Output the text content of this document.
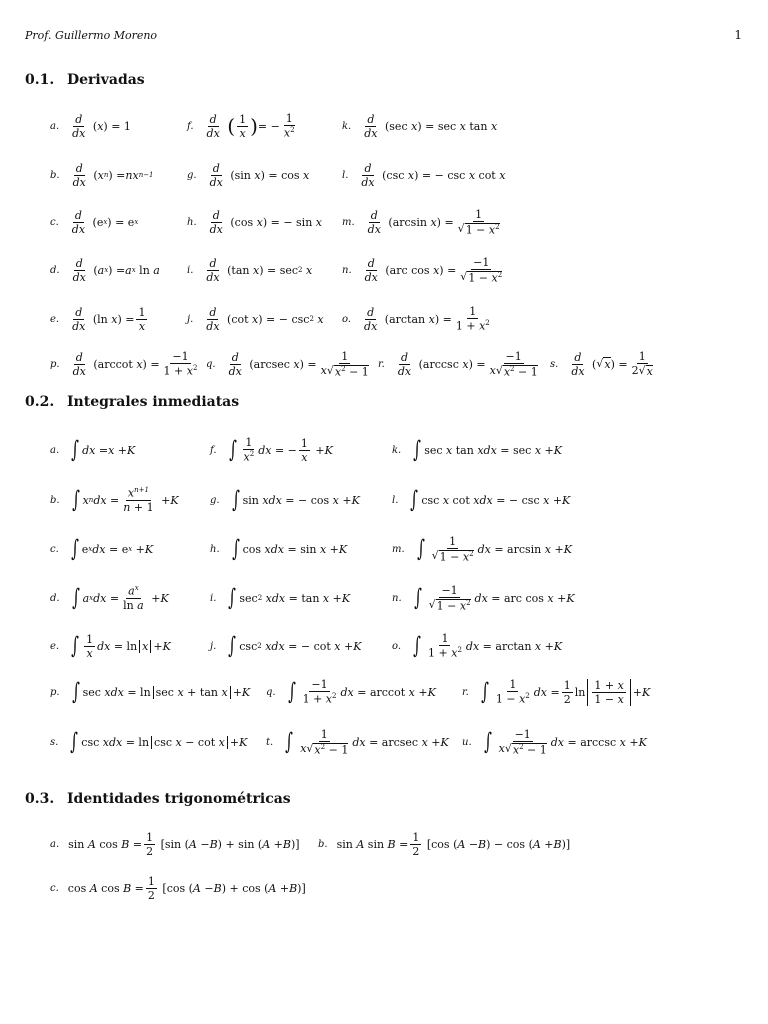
Prof. Guillermo Moreno	1
0.1. Derivadas
a. $\frac{d}{dx}$ ( x ) = 1
b. $\frac{d}{dx}$ ( x n ) = nx n−1
c. $\frac{d}{dx} (e$ x ) = e x
d. $\frac{d}{dx}$ ( a x ) = a x ln a
e. $\frac{d}{dx} (\ln$ x ) = $\frac{1}{x}$
f. $\frac{d}{dx}$
( $\frac{1}{x}$ ) = − $\frac{1}{x^2}$
g. $\frac{d}{dx} (\sin$ x ) = cos x
h. $\frac{d}{dx} (\cos$ x ) = − sin x
i. $\frac{d}{dx} (\tan$ x ) = sec 2
x
j. $\frac{d}{dx} (\cot$ x ) = − csc 2
x
k. $\frac{d}{dx} (\sec$ x ) = sec x tan x
l. $\frac{d}{dx} (\csc$ x ) = − csc x cot x
m. $\frac{d}{dx} (\arcsin$ x ) = $\frac{1}{√ 1 - x^2}$
n. $\frac{d}{dx} (arc$ cos x ) = $\frac{-1}{√ 1 - x^2}$
o. $\frac{d}{dx} (\arctan$ x ) = $\frac{1}{1 + x^2}$
p. $\frac{d}{dx} (arccot$ x ) = $\frac{-1}{1 + x^2} q$. $\frac{d}{dx} (arcsec$ x ) = $\frac{1}{x √ x^2 - 1} r$. $\frac{d}{dx} (arccsc$ x ) = $\frac{-1}{x √ x^2 - 1} s$. $\frac{d}{dx}$ ( √ x ) = $\frac{1}{2 √ x}$
0.2. Integrales inmediatas
a. ∫ dx = x + K
b. ∫ x n dx = $\frac{x^{n+1}}{n + 1} + K$
c. ∫ e x dx = e x + K
d. ∫ a x dx = $\frac{a^x}{\text{ln a}} + K$
e. ∫ $\frac{1}{x}$ dx = ln x + K
f. ∫ $\frac{1}{x^2}$ dx = − $\frac{1}{x} + K$
g. ∫ sin xdx = − cos x + K
h. ∫ cos xdx = sin x + K
i. ∫ sec 2
xdx = tan x + K
j. ∫ csc 2
xdx = − cot x + K
k. ∫ sec x tan xdx = sec x + K
l. ∫ csc x cot xdx = − csc x + K
m. ∫ $\frac{1}{√ 1 - x^2}$ dx = arcsin x + K
n. ∫ $\frac{-1}{√ 1 - x^2}$ dx = arc cos x + K
o. ∫ $\frac{1}{1 + x^2}$ dx = arctan x + K
p. ∫ sec xdx = ln sec x + tan x + K q. ∫ $\frac{-1}{1 + x^2}$ dx = arccot x + K	r. ∫ $\frac{1}{1 - x^2}$ dx = $\frac{1}{2}$ $\ln \frac{1 + x}{1 - x} + K$
s. ∫ csc xdx = ln csc x − cot x + K t. ∫ $\frac{1}{x √ x^2 - 1}$ dx = arcsec x + K u. ∫ $\frac{-1}{x √ x^2 - 1}$ dx = arccsc x + K
0.3. Identidades trigonométricas
a. sin A $\cos B = \frac{1}{2} [\sin$ ( A − B ) + sin ( A + B )] b. sin A $\sin B = \frac{1}{2} [\cos$ ( A − B ) − cos ( A + B )]
c. cos A $\cos B = \frac{1}{2} [\cos$ ( A − B ) + cos ( A + B )]
